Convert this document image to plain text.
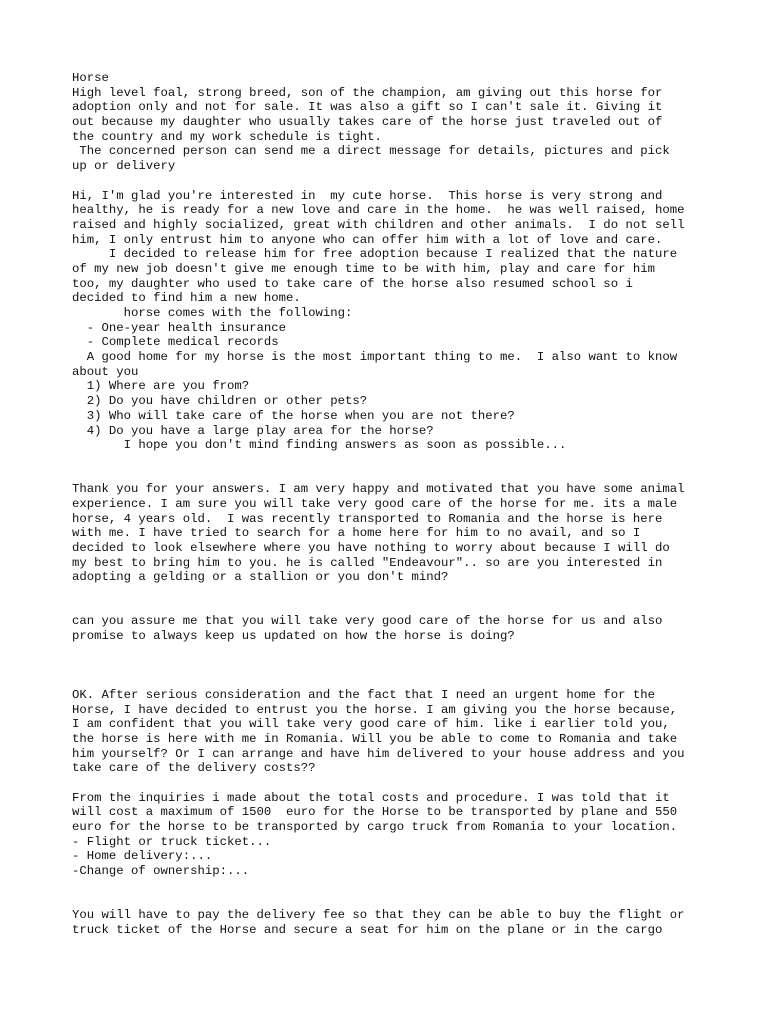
Horse
High level foal, strong breed, son of the champion, am giving out this horse for
adoption only and not for sale. It was also a gift so I can't sale it. Giving it
out because my daughter who usually takes care of the horse just traveled out of
the country and my work schedule is tight.
The concerned person can send me a direct message for details, pictures and pick
up or delivery
Hi, I'm glad you're interested in  my cute horse.  This horse is very strong and
healthy, he is ready for a new love and care in the home.  he was well raised, home
raised and highly socialized, great with children and other animals.  I do not sell
him, I only entrust him to anyone who can offer him with a lot of love and care.
I decided to release him for free adoption because I realized that the nature
of my new job doesn't give me enough time to be with him, play and care for him
too, my daughter who used to take care of the horse also resumed school so i
decided to find him a new home.
horse comes with the following:
- One-year health insurance
- Complete medical records
A good home for my horse is the most important thing to me.  I also want to know
about you
1) Where are you from?
2) Do you have children or other pets?
3) Who will take care of the horse when you are not there?
4) Do you have a large play area for the horse?
I hope you don't mind finding answers as soon as possible...
Thank you for your answers. I am very happy and motivated that you have some animal
experience. I am sure you will take very good care of the horse for me. its a male
horse, 4 years old.  I was recently transported to Romania and the horse is here
with me. I have tried to search for a home here for him to no avail, and so I
decided to look elsewhere where you have nothing to worry about because I will do
my best to bring him to you. he is called "Endeavour".. so are you interested in
adopting a gelding or a stallion or you don't mind?
can you assure me that you will take very good care of the horse for us and also
promise to always keep us updated on how the horse is doing?
OK. After serious consideration and the fact that I need an urgent home for the
Horse, I have decided to entrust you the horse. I am giving you the horse because,
I am confident that you will take very good care of him. like i earlier told you,
the horse is here with me in Romania. Will you be able to come to Romania and take
him yourself? Or I can arrange and have him delivered to your house address and you
take care of the delivery costs??
From the inquiries i made about the total costs and procedure. I was told that it
will cost a maximum of 1500  euro for the Horse to be transported by plane and 550
euro for the horse to be transported by cargo truck from Romania to your location.
- Flight or truck ticket...
- Home delivery:...
-Change of ownership:...
You will have to pay the delivery fee so that they can be able to buy the flight or
truck ticket of the Horse and secure a seat for him on the plane or in the cargo
